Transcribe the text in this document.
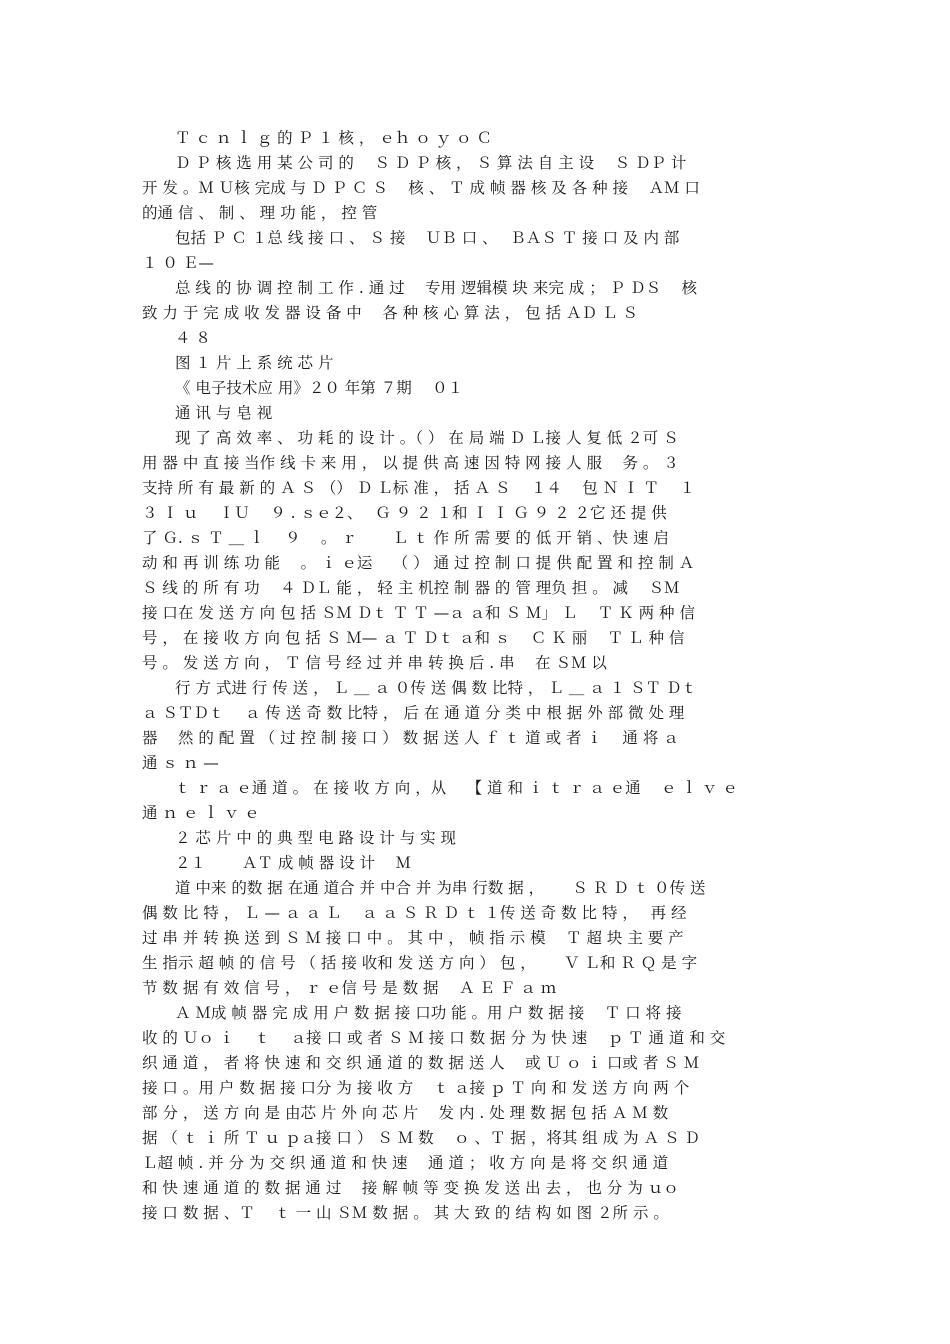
Ｔ ｃ ｎ ｌ ｇ 的 Ｐ １ 核 ， ｅｈ ｏ ｙ ｏ Ｃ
Ｄ Ｐ 核 选 用 某 公 司 的　 Ｓ Ｄ Ｐ 核 ， Ｓ 算 法 自 主 设　 Ｓ ＤＰ 计
开 发 。Ｍ Ｕ核 完成 与 Ｄ Ｐ Ｃ Ｓ　 核 、 Ｔ 成 帧 器 核 及 各 种 接　 ＡＭ 口
的通 信 、 制 、 理 功 能 ， 控 管
包括 Ｐ Ｃ １总 线 接 口 、 Ｓ 接　 ＵＢ 口 、　 ＢＡＳ Ｔ 接 口 及 内 部
１ ０ Ｅ—
总 线 的 协 调 控 制 工 作 . 通 过　 专用 逻辑模 块 来完 成 ； Ｐ ＤＳ　 核
致 力 于 完 成 收 发 器 设 备 中　 各 种 核 心 算 法 ， 包 括 ＡＤ Ｌ Ｓ
４ ８
图 １ 片 上 系 统 芯 片
《 电子技术应 用》２０ 年第 ７期　 ０１
通 讯 与 皂 视
现 了 高 效 率 、 功 耗 的 设 计 。（ ） 在 局 端 Ｄ Ｌ接 人 复 低 ２可 Ｓ
用 器 中 直 接 当作 线 卡 来 用 ， 以 提 供 高 速 因 特 网 接 人 服　 务 。 ３
支持 所 有 最 新 的 Ａ Ｓ （） Ｄ Ｌ标 准 ， 括 Ａ Ｓ　 １４　 包 Ｎ Ｉ Ｔ　 １
３ Ｉ ｕ　 ＩＵ　 ９ . ｓｅ２、　 Ｇ ９ ２ １和 Ｉ Ｉ Ｇ ９ ２ ２它 还 提 供
了 Ｇ. ｓ Ｔ ＿ ｌ　 ９　 。 ｒ　　 Ｌ ｔ 作 所 需 要 的 低 开 销 、快 速 启
动 和 再 训 练 功 能　 。 ｉ ｅ运　 （ ） 通 过 控 制 口 提 供 配 置 和 控 制 Ａ
Ｓ 线 的 所 有 功　 ４ ＤＬ 能 ， 轻 主 机控 制 器 的 管 理负 担 。 减　 ＳＭ
接 口在 发 送 方 向 包 括 ＳＭ Ｄｔ Ｔ Ｔ —ａ ａ和 Ｓ Ｍ」 Ｌ　 Ｔ Ｋ 两 种 信
号 ， 在 接 收 方 向 包 括 Ｓ Ｍ— ａ Ｔ Ｄｔ ａ和 ｓ　 Ｃ Ｋ 丽　 Ｔ Ｌ 种 信
号 。 发 送 方 向 ， Ｔ 信 号 经 过 并 串 转 换 后 . 串　 在 ＳＭ 以
行 方 式进 行 传 送 ， Ｌ ＿ ａ ０传 送 偶 数 比特 ， Ｌ ＿ ａ １ ＳＴ Ｄｔ
ａ ＳＴＤｔ　 ａ 传 送 奇 数 比特 ， 后 在 通 道 分 类 中 根 据 外 部 微 处 理
器　 然 的 配 置 （ 过 控 制 接 口 ） 数 据 送 人 ｆ ｔ 道 或 者 ｉ　 通 将 ａ
通 ｓ ｎ —
ｔ ｒ ａ ｅ通 道 。 在 接 收 方 向 ，从　 【 道 和 ｉ ｔ ｒ ａ ｅ通　 ｅ ｌ ｖ ｅ
通 ｎ ｅ ｌ ｖ ｅ
２ 芯 片 中 的 典 型 电 路 设 计 与 实 现
２１　　 ＡＴ 成 帧 器 设 计　 Ｍ
道 中来 的数 据 在通 道合 并 中合 并 为串 行数 据 ，　　 Ｓ Ｒ Ｄ ｔ ０传 送
偶 数 比 特 ， Ｌ — ａ ａ Ｌ　 ａ ａ Ｓ Ｒ Ｄ ｔ １传 送 奇 数 比 特 ，　 再 经
过 串 并 转 换 送 到 Ｓ Ｍ 接 口 中 。 其 中 ， 帧 指 示 模　 Ｔ 超 块 主 要 产
生 指示 超 帧 的 信 号 （ 括 接 收和 发 送 方 向 ） 包 ，　　 Ｖ Ｌ和 Ｒ Ｑ 是 字
节 数 据 有 效 信 号 ， ｒ ｅ信 号 是 数 据　 Ａ Ｅ Ｆ ａ ｍ
Ａ Ｍ成 帧 器 完 成 用 户 数 据 接 口功 能 。用 户 数 据 接　 Ｔ 口 将 接
收 的 Ｕｏ ｉ　 ｔ　 ａ接 口 或 者 Ｓ Ｍ 接 口 数 据 分 为 快 速　 ｐ Ｔ 通 道 和 交
织 通 道 ， 者 将 快 速 和 交 织 通 道 的 数 据 送 人　 或 Ｕ ｏ ｉ 口或 者 Ｓ Ｍ
接 口 。用 户 数 据 接 口分 为 接 收 方　 ｔ ａ接 ｐ Ｔ 向 和 发 送 方 向 两 个
部 分 ， 送 方 向 是 由芯 片 外 向 芯 片　 发 内 . 处 理 数 据 包 括 Ａ Ｍ 数
据 （ ｔ ｉ 所 Ｔ ｕ ｐａ接 口 ） Ｓ Ｍ 数　 ｏ 、Ｔ 据 ，将其 组 成 为 Ａ Ｓ Ｄ
Ｌ超 帧 . 并 分 为 交 织 通 道 和 快 速　 通 道 ； 收 方 向 是 将 交 织 通 道
和 快 速 通 道 的 数 据 通 过　 接 解 帧 等 变 换 发 送 出 去 ， 也 分 为 ｕｏ
接 口 数 据 、Ｔ　 ｔ 一 山 ＳＭ 数 据 。 其 大 致 的 结 构 如 图 ２所 示 。
